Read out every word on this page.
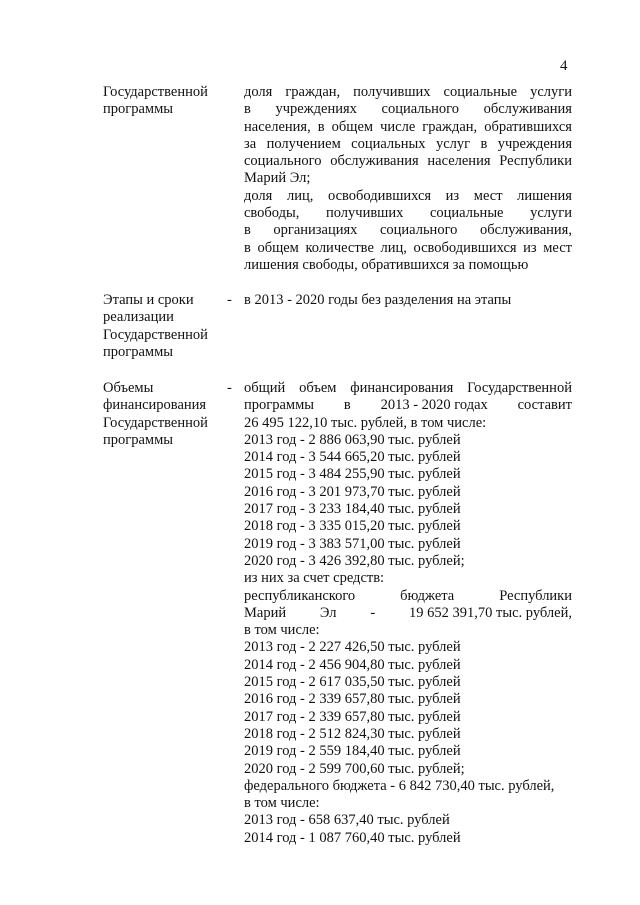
4
Государственной
программы
доля граждан, получивших социальные услуги
в учреждениях социального обслуживания
населения, в общем числе граждан, обратившихся
за получением социальных услуг в учреждения
социального обслуживания населения Республики
Марий Эл;
доля лиц, освободившихся из мест лишения
свободы, получивших социальные услуги
в организациях социального обслуживания,
в общем количестве лиц, освободившихся из мест
лишения свободы, обратившихся за помощью
Этапы и сроки
реализации
Государственной
программы
- в 2013 - 2020 годы без разделения на этапы
Объемы
финансирования
Государственной
программы
- общий объем финансирования Государственной
программы в 2013 - 2020 годах составит
26 495 122,10 тыс. рублей, в том числе:
2013 год - 2 886 063,90 тыс. рублей
2014 год - 3 544 665,20 тыс. рублей
2015 год - 3 484 255,90 тыс. рублей
2016 год - 3 201 973,70 тыс. рублей
2017 год - 3 233 184,40 тыс. рублей
2018 год - 3 335 015,20 тыс. рублей
2019 год - 3 383 571,00 тыс. рублей
2020 год - 3 426 392,80 тыс. рублей;
из них за счет средств:
республиканского	бюджета	Республики
Марий Эл - 19 652 391,70 тыс. рублей,
в том числе:
2013 год - 2 227 426,50 тыс. рублей
2014 год - 2 456 904,80 тыс. рублей
2015 год - 2 617 035,50 тыс. рублей
2016 год - 2 339 657,80 тыс. рублей
2017 год - 2 339 657,80 тыс. рублей
2018 год - 2 512 824,30 тыс. рублей
2019 год - 2 559 184,40 тыс. рублей
2020 год - 2 599 700,60 тыс. рублей;
федерального бюджета - 6 842 730,40 тыс. рублей,
в том числе:
2013 год - 658 637,40 тыс. рублей
2014 год - 1 087 760,40 тыс. рублей
